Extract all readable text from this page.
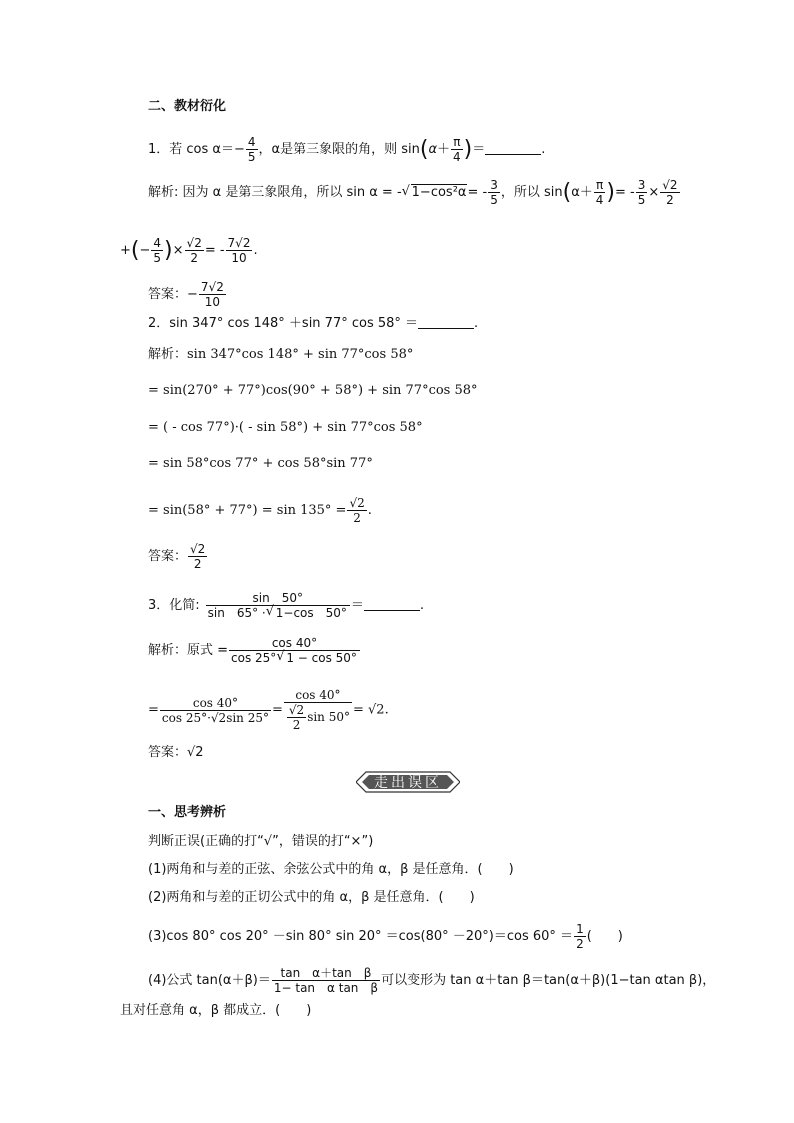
二、教材衍化
1．若 $\cos \alpha=- \frac{4}{5}$ ，α是第三象限的角，则 $\sin(\alpha+ \frac{\pi}{4}$ )＝	.
解析: 因为 α 是第三象限角，所以 sin α = - √ $1-\cos^2\alpha= - \frac{3}{5}$ ，所以 $\sin(\alpha+ \frac{\pi}{4}$ )= - $\frac{3}{5} \times \frac{√2}{2}$
+(− $\frac{4}{5}$ )× $\frac{√2}{2}$ = - $\frac{7√2}{10}$ .
答案：− $\frac{7√2}{10}$
2．sin 347° cos 148° ＋sin 77° cos 58° ＝	.
解析：sin 347°cos 148° + sin 77°cos 58°
= sin(270° + 77°)cos(90° + 58°) + sin 77°cos 58°
= ( - cos 77°)·( - sin 58°) + sin 77°cos 58°
= sin 58°cos 77° + cos 58°sin 77°
= $\sin(58^\circ + 77^\circ) = \sin 135^\circ = \frac{√2}{2}$ .
答案： $\frac{√2}{2}$
3．化简: $\frac{\sin 50^\circ}{\sin 65^\circ \cdot √ 1-\cos 50^\circ}$ ＝	.
解析：原式 = $\frac{\cos 40^\circ}{\cos 25^\circ √ 1 - \cos 50^\circ}$
= $\frac{\cos 40^\circ}{\cos 25^\circ\cdot√2\sin 25^\circ} = \frac{\cos 40^\circ}{\frac{√2}{2} \sin 50^\circ} = √2$.
答案：√2
走出误区
一、思考辨析
判断正误(正确的打“√”，错误的打“×”)
(1)两角和与差的正弦、余弦公式中的角 α，β 是任意角．(　　)
(2)两角和与差的正切公式中的角 α，β 是任意角．(　　)
(3)cos 80° cos 20° －sin 80° sin 20° ＝cos(80° －20°)＝cos $60^\circ = \frac{1}{2}$ (　　)
(4)公式 $\tan(\alpha+\beta)= \frac{\text{tan　α＋tan　β}}{\text{1− tan　α tan　β}}$ 可以变形为 tan α＋tan β＝tan(α＋β)(1−tan αtan β)，
且对任意角 α，β 都成立．(　　)
